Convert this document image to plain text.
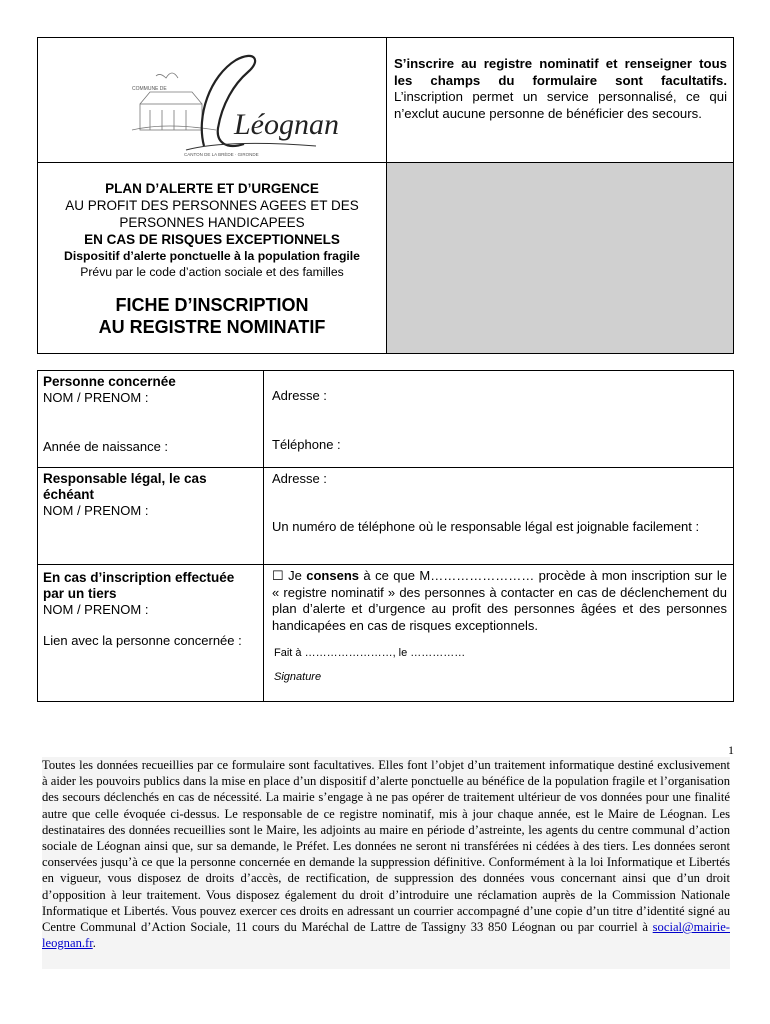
Léognan
COMMUNE DE
CANTON DE LA BRÈDE · GIRONDE
S’inscrire au registre nominatif et renseigner tous les champs du formulaire sont facultatifs. L’inscription permet un service personnalisé, ce qui n’exclut aucune personne de bénéficier des secours.
PLAN D’ALERTE ET D’URGENCE
AU PROFIT DES PERSONNES AGEES ET DES PERSONNES HANDICAPEES
EN CAS DE RISQUES EXCEPTIONNELS
Dispositif d’alerte ponctuelle à la population fragile
Prévu par le code d’action sociale et des familles
FICHE D’INSCRIPTION
AU REGISTRE NOMINATIF
Personne concernée
NOM / PRENOM :
Année de naissance :
Adresse :
Téléphone :
Responsable légal, le cas échéant
NOM / PRENOM :
Adresse :
Un numéro de téléphone où le responsable légal est joignable facilement :
En cas d’inscription effectuée par un tiers
NOM / PRENOM :
Lien avec la personne concernée :
☐ Je consens à ce que M…………………… procède à mon inscription sur le « registre nominatif » des personnes à contacter en cas de déclenchement du plan d’alerte et d’urgence au profit des personnes âgées et des personnes handicapées en cas de risques exceptionnels.
Fait à ……………………, le ……………
Signature
1
Toutes les données recueillies par ce formulaire sont facultatives. Elles font l’objet d’un traitement informatique destiné exclusivement à aider les pouvoirs publics dans la mise en place d’un dispositif d’alerte ponctuelle au bénéfice de la population fragile et l’organisation des secours déclenchés en cas de nécessité. La mairie s’engage à ne pas opérer de traitement ultérieur de vos données pour une finalité autre que celle évoquée ci-dessus. Le responsable de ce registre nominatif, mis à jour chaque année, est le Maire de Léognan. Les destinataires des données recueillies sont le Maire, les adjoints au maire en période d’astreinte, les agents du centre communal d’action sociale de Léognan ainsi que, sur sa demande, le Préfet. Les données ne seront ni transférées ni cédées à des tiers. Les données seront conservées jusqu’à ce que la personne concernée en demande la suppression définitive. Conformément à la loi Informatique et Libertés en vigueur, vous disposez de droits d’accès, de rectification, de suppression des données vous concernant ainsi que d’un droit d’opposition à leur traitement. Vous disposez également du droit d’introduire une réclamation auprès de la Commission Nationale Informatique et Libertés. Vous pouvez exercer ces droits en adressant un courrier accompagné d’une copie d’un titre d’identité signé au Centre Communal d’Action Sociale, 11 cours du Maréchal de Lattre de Tassigny 33 850 Léognan ou par courriel à social@mairie-leognan.fr.
